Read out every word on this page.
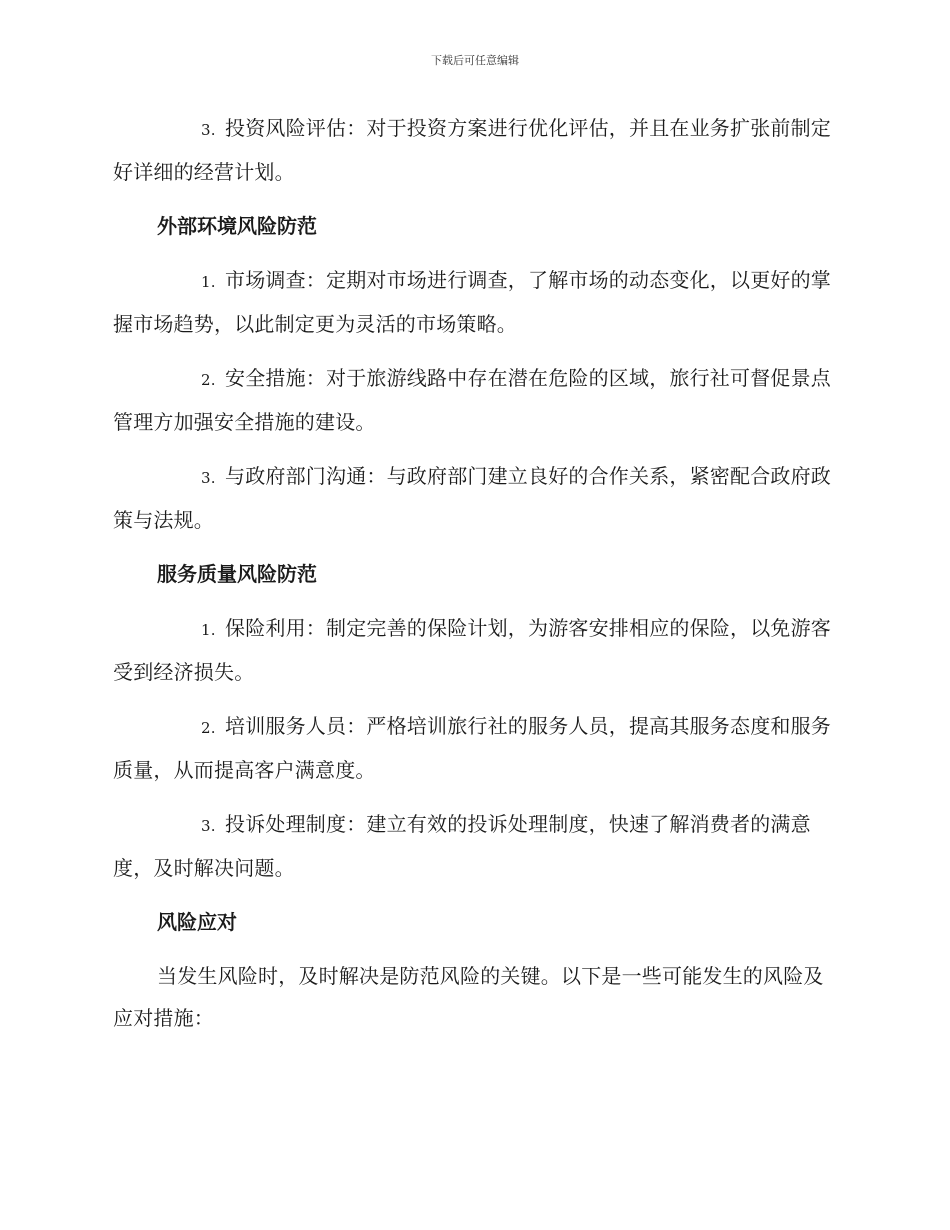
下载后可任意编辑

3. 投资风险评估：对于投资方案进行优化评估，并且在业务扩张前制定好详细的经营计划。

外部环境风险防范

1. 市场调查：定期对市场进行调查，了解市场的动态变化，以更好的掌握市场趋势，以此制定更为灵活的市场策略。

2. 安全措施：对于旅游线路中存在潜在危险的区域，旅行社可督促景点管理方加强安全措施的建设。

3. 与政府部门沟通：与政府部门建立良好的合作关系，紧密配合政府政策与法规。

服务质量风险防范

1. 保险利用：制定完善的保险计划，为游客安排相应的保险，以免游客受到经济损失。

2. 培训服务人员：严格培训旅行社的服务人员，提高其服务态度和服务质量，从而提高客户满意度。

3. 投诉处理制度：建立有效的投诉处理制度，快速了解消费者的满意度，及时解决问题。

风险应对

当发生风险时，及时解决是防范风险的关键。以下是一些可能发生的风险及应对措施：
